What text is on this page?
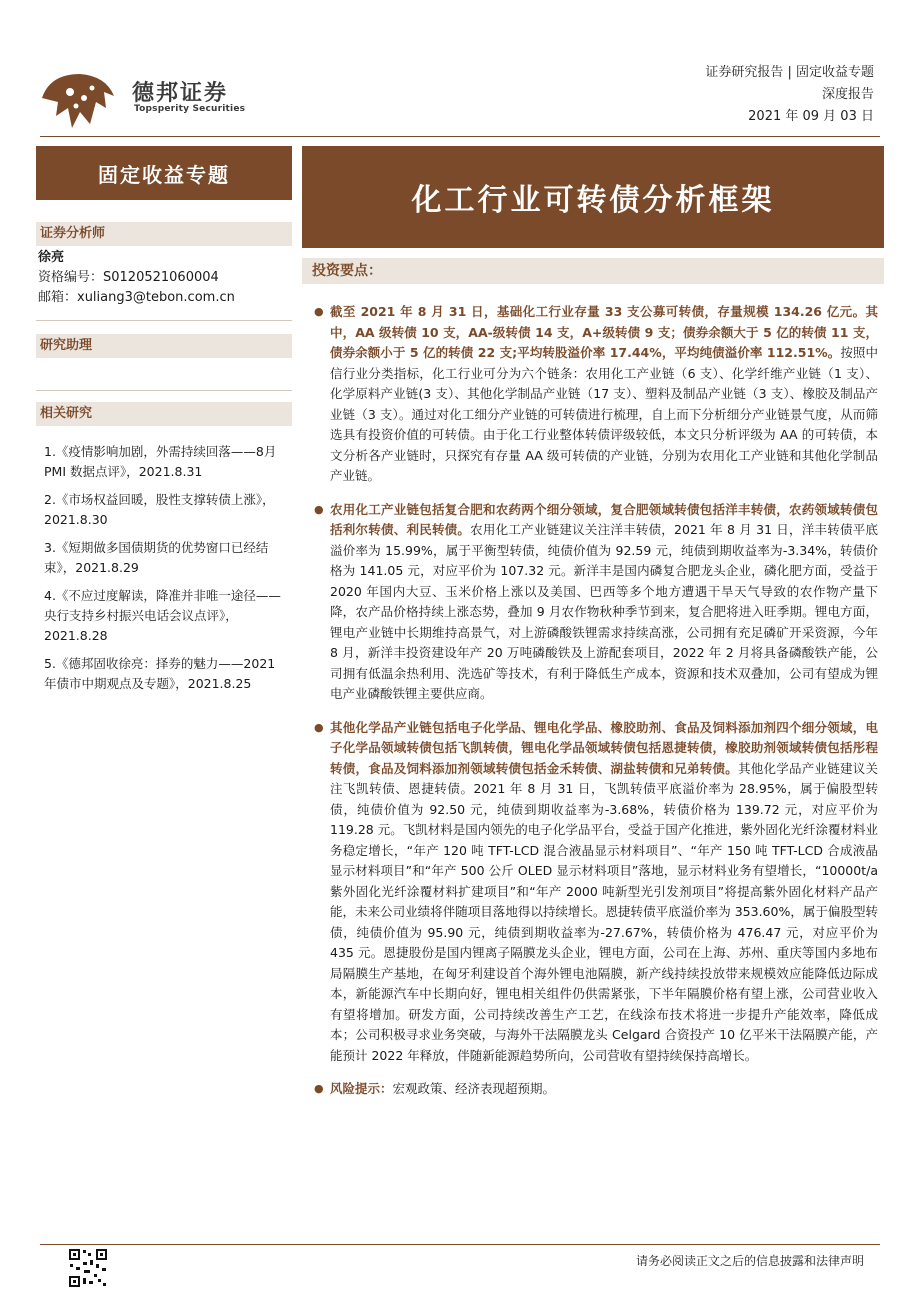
德邦证券
Topsperity Securities
证券研究报告 | 固定收益专题
深度报告
2021 年 09 月 03 日
固定收益专题
证券分析师
徐亮
资格编号：S0120521060004
邮箱：xuliang3@tebon.com.cn
研究助理
相关研究
1.《疫情影响加剧，外需持续回落——8月 PMI 数据点评》，2021.8.31
2.《市场权益回暖，股性支撑转债上涨》，2021.8.30
3.《短期做多国债期货的优势窗口已经结束》，2021.8.29
4.《不应过度解读，降准并非唯一途径——央行支持乡村振兴电话会议点评》，2021.8.28
5.《德邦固收徐亮：择券的魅力——2021 年债市中期观点及专题》，2021.8.25
化工行业可转债分析框架
投资要点：
● 截至 2021 年 8 月 31 日，基础化工行业存量 33 支公募可转债，存量规模 134.26 亿元。其中，AA 级转债 10 支，AA-级转债 14 支，A+级转债 9 支；债券余额大于 5 亿的转债 11 支，债券余额小于 5 亿的转债 22 支;平均转股溢价率 17.44%，平均纯债溢价率 112.51%。按照中信行业分类指标，化工行业可分为六个链条：农用化工产业链（6 支）、化学纤维产业链（1 支）、化学原料产业链(3 支）、其他化学制品产业链（17 支）、塑料及制品产业链（3 支）、橡胶及制品产业链（3 支）。通过对化工细分产业链的可转债进行梳理，自上而下分析细分产业链景气度，从而筛选具有投资价值的可转债。由于化工行业整体转债评级较低，本文只分析评级为 AA 的可转债，本文分析各产业链时，只探究有存量 AA 级可转债的产业链，分别为农用化工产业链和其他化学制品产业链。
● 农用化工产业链包括复合肥和农药两个细分领域，复合肥领域转债包括洋丰转债，农药领域转债包括利尔转债、利民转债。农用化工产业链建议关注洋丰转债，2021 年 8 月 31 日，洋丰转债平底溢价率为 15.99%，属于平衡型转债，纯债价值为 92.59 元，纯债到期收益率为-3.34%，转债价格为 141.05 元，对应平价为 107.32 元。新洋丰是国内磷复合肥龙头企业，磷化肥方面，受益于 2020 年国内大豆、玉米价格上涨以及美国、巴西等多个地方遭遇干旱天气导致的农作物产量下降，农产品价格持续上涨态势，叠加 9 月农作物秋种季节到来，复合肥将进入旺季期。锂电方面，锂电产业链中长期维持高景气，对上游磷酸铁锂需求持续高涨，公司拥有充足磷矿开采资源，今年 8 月，新洋丰投资建设年产 20 万吨磷酸铁及上游配套项目，2022 年 2 月将具备磷酸铁产能，公司拥有低温余热利用、洗选矿等技术，有利于降低生产成本，资源和技术双叠加，公司有望成为锂电产业磷酸铁锂主要供应商。
● 其他化学品产业链包括电子化学品、锂电化学品、橡胶助剂、食品及饲料添加剂四个细分领域，电子化学品领域转债包括飞凯转债，锂电化学品领域转债包括恩捷转债，橡胶助剂领域转债包括彤程转债，食品及饲料添加剂领域转债包括金禾转债、湖盐转债和兄弟转债。其他化学品产业链建议关注飞凯转债、恩捷转债。2021 年 8 月 31 日，飞凯转债平底溢价率为 28.95%，属于偏股型转债，纯债价值为 92.50 元，纯债到期收益率为-3.68%，转债价格为 139.72 元，对应平价为 119.28 元。飞凯材料是国内领先的电子化学品平台，受益于国产化推进，紫外固化光纤涂覆材料业务稳定增长，“年产 120 吨 TFT-LCD 混合液晶显示材料项目”、“年产 150 吨 TFT-LCD 合成液晶显示材料项目”和“年产 500 公斤 OLED 显示材料项目”落地，显示材料业务有望增长，“10000t/a 紫外固化光纤涂覆材料扩建项目”和“年产 2000 吨新型光引发剂项目”将提高紫外固化材料产品产能，未来公司业绩将伴随项目落地得以持续增长。恩捷转债平底溢价率为 353.60%，属于偏股型转债，纯债价值为 95.90 元，纯债到期收益率为-27.67%，转债价格为 476.47 元，对应平价为 435 元。恩捷股份是国内锂离子隔膜龙头企业，锂电方面，公司在上海、苏州、重庆等国内多地布局隔膜生产基地，在匈牙利建设首个海外锂电池隔膜，新产线持续投放带来规模效应能降低边际成本，新能源汽车中长期向好，锂电相关组件仍供需紧张，下半年隔膜价格有望上涨，公司营业收入有望将增加。研发方面，公司持续改善生产工艺，在线涂布技术将进一步提升产能效率，降低成本；公司积极寻求业务突破，与海外干法隔膜龙头 Celgard 合资投产 10 亿平米干法隔膜产能，产能预计 2022 年释放，伴随新能源趋势所向，公司营收有望持续保持高增长。
● 风险提示：宏观政策、经济表现超预期。
请务必阅读正文之后的信息披露和法律声明
